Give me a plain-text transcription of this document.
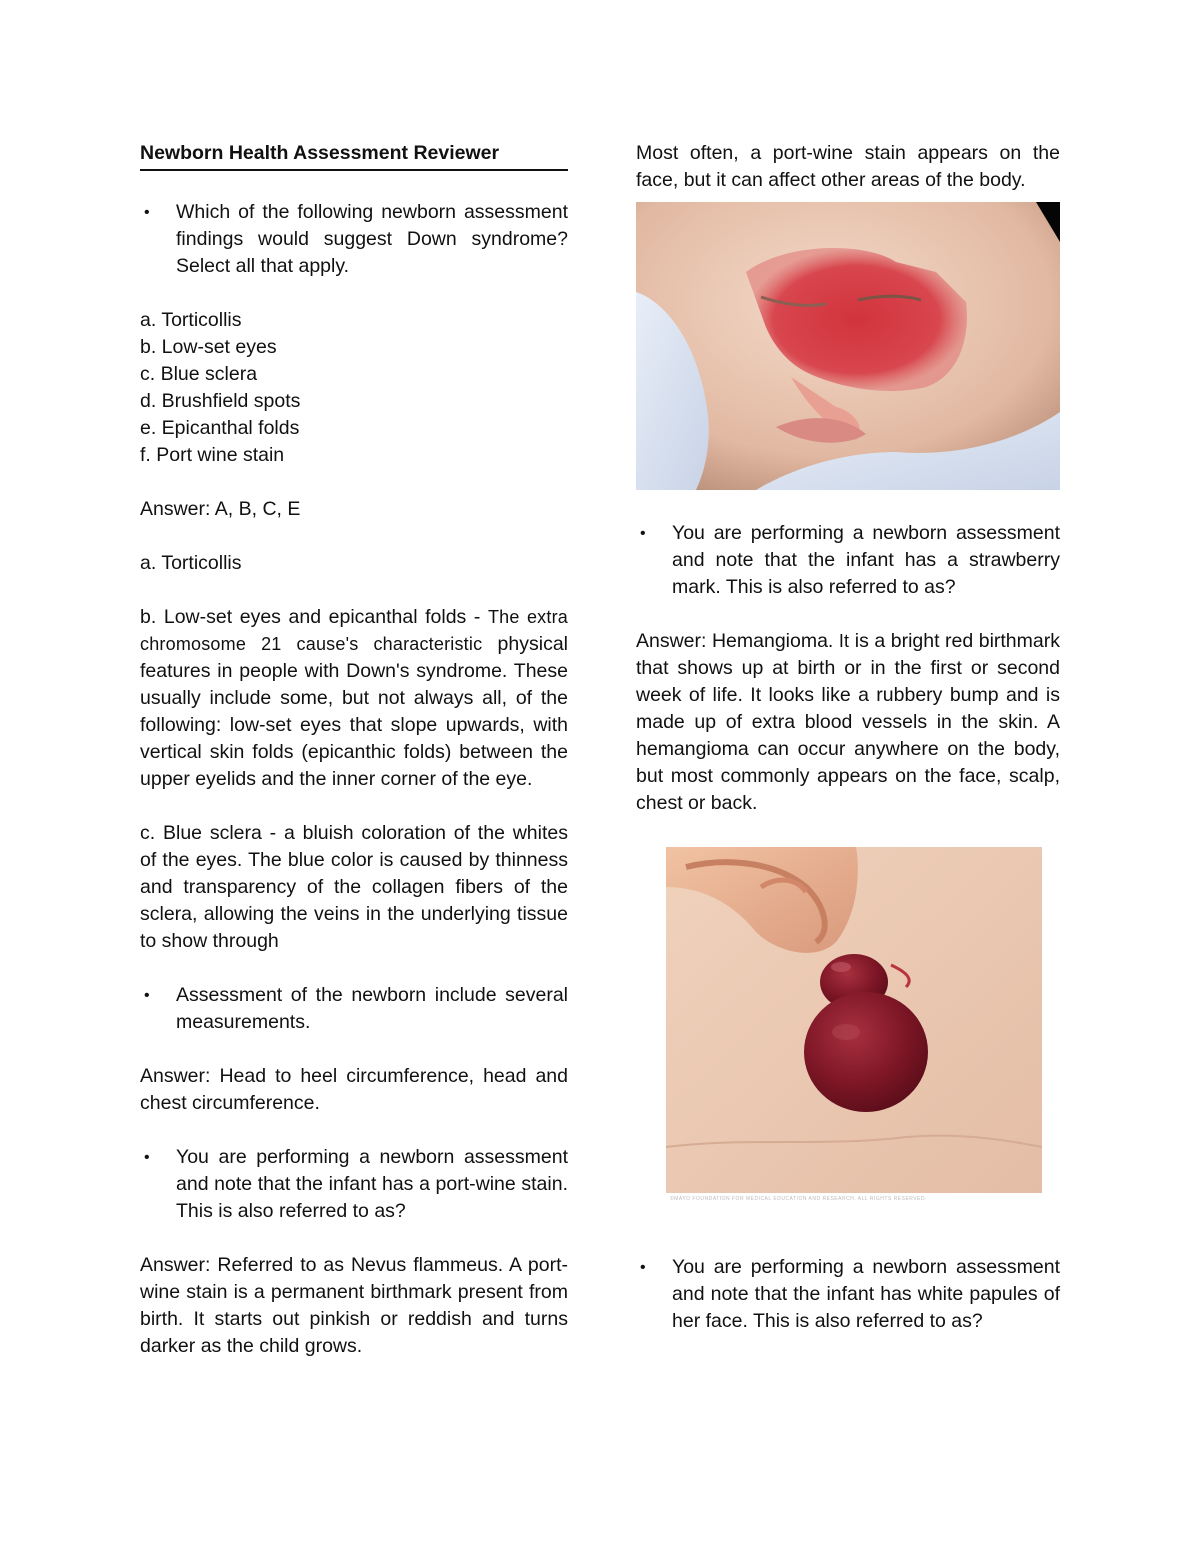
Newborn Health Assessment Reviewer
• Which of the following newborn assessment findings would suggest Down syndrome? Select all that apply.

a. Torticollis

b. Low-set eyes

c. Blue sclera

d. Brushfield spots

e. Epicanthal folds

f. Port wine stain

Answer: A, B, C, E

a. Torticollis

b. Low-set eyes and epicanthal folds - The extra chromosome 21 cause's characteristic physical features in people with Down's syndrome. These usually include some, but not always all, of the following: low-set eyes that slope upwards, with vertical skin folds (epicanthic folds) between the upper eyelids and the inner corner of the eye.

c. Blue sclera - a bluish coloration of the whites of the eyes. The blue color is caused by thinness and transparency of the collagen fibers of the sclera, allowing the veins in the underlying tissue to show through

• Assessment of the newborn include several measurements.

Answer: Head to heel circumference, head and chest circumference.

• You are performing a newborn assessment and note that the infant has a port-wine stain. This is also referred to as?

Answer: Referred to as Nevus flammeus. A port-wine stain is a permanent birthmark present from birth. It starts out pinkish or reddish and turns darker as the child grows.

Most often, a port-wine stain appears on the face, but it can affect other areas of the body.

• You are performing a newborn assessment and note that the infant has a strawberry mark. This is also referred to as?

Answer: Hemangioma. It is a bright red birthmark that shows up at birth or in the first or second week of life. It looks like a rubbery bump and is made up of extra blood vessels in the skin. A hemangioma can occur anywhere on the body, but most commonly appears on the face, scalp, chest or back.

©MAYO FOUNDATION FOR MEDICAL EDUCATION AND RESEARCH. ALL RIGHTS RESERVED.
• You are performing a newborn assessment and note that the infant has white papules of her face. This is also referred to as?
